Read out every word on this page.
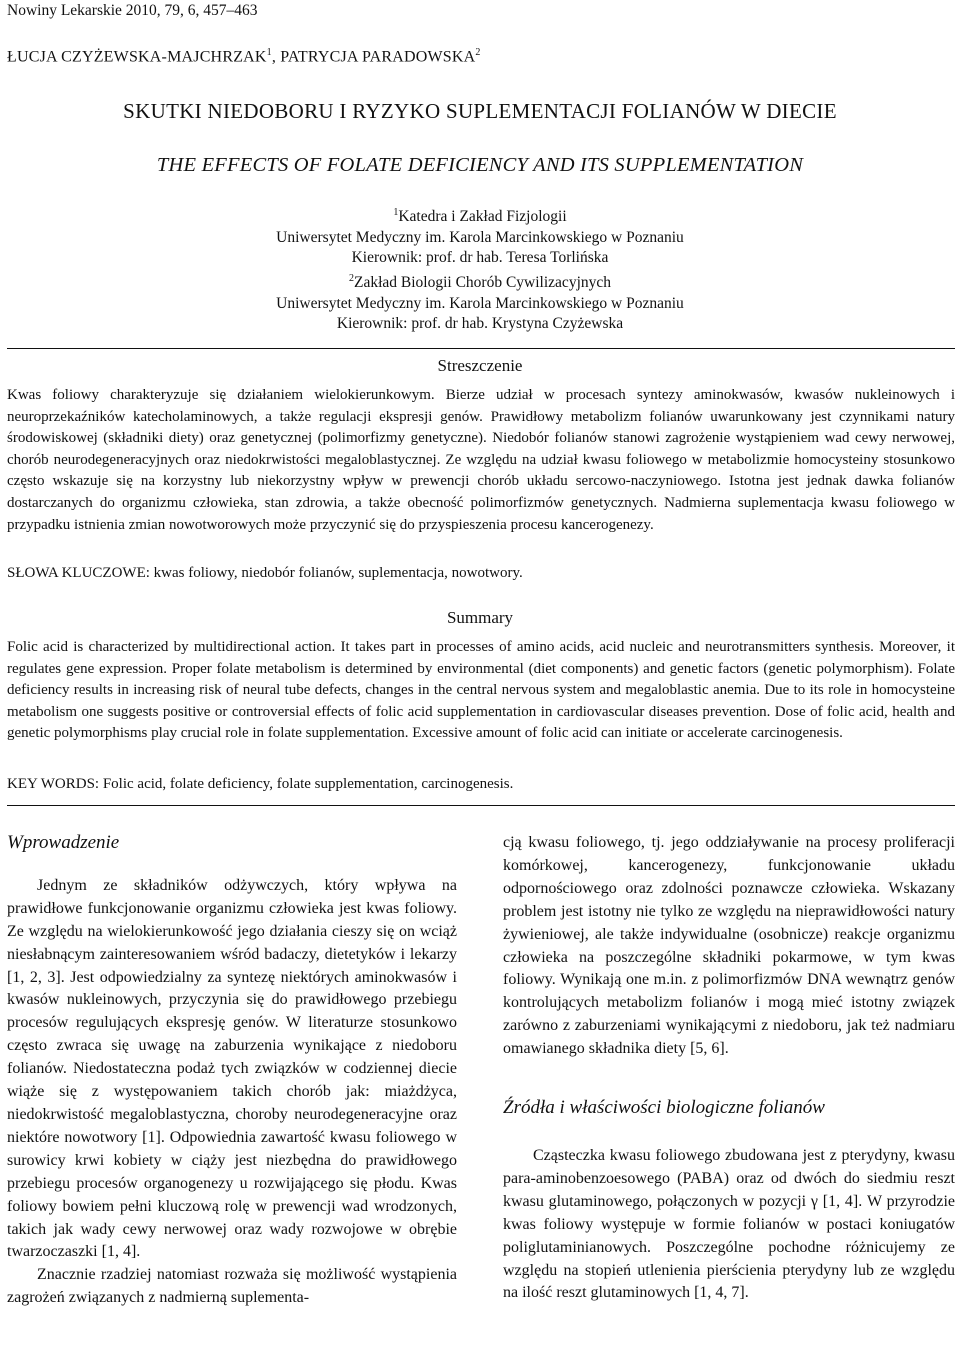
Nowiny Lekarskie 2010, 79, 6, 457–463
ŁUCJA CZYŻEWSKA-MAJCHRZAK$^1$, PATRYCJA PARADOWSKA$^2$
SKUTKI NIEDOBORU I RYZYKO SUPLEMENTACJI FOLIANÓW W DIECIE
THE EFFECTS OF FOLATE DEFICIENCY AND ITS SUPPLEMENTATION
$^1$Katedra i Zakład Fizjologii
Uniwersytet Medyczny im. Karola Marcinkowskiego w Poznaniu
Kierownik: prof. dr hab. Teresa Torlińska
$^2$Zakład Biologii Chorób Cywilizacyjnych
Uniwersytet Medyczny im. Karola Marcinkowskiego w Poznaniu
Kierownik: prof. dr hab. Krystyna Czyżewska
Streszczenie

Kwas foliowy charakteryzuje się działaniem wielokierunkowym. Bierze udział w procesach syntezy aminokwasów, kwasów nukleinowych i neuroprzekaźników katecholaminowych, a także regulacji ekspresji genów. Prawidłowy metabolizm folianów uwarunkowany jest czynnikami natury środowiskowej (składniki diety) oraz genetycznej (polimorfizmy genetyczne). Niedobór folianów stanowi zagrożenie wystąpieniem wad cewy nerwowej, chorób neurodegeneracyjnych oraz niedokrwistości megaloblastycznej. Ze względu na udział kwasu foliowego w metabolizmie homocysteiny stosunkowo często wskazuje się na korzystny lub niekorzystny wpływ w prewencji chorób układu sercowo-naczyniowego. Istotna jest jednak dawka folianów dostarczanych do organizmu człowieka, stan zdrowia, a także obecność polimorfizmów genetycznych. Nadmierna suplementacja kwasu foliowego w przypadku istnienia zmian nowotworowych może przyczynić się do przyspieszenia procesu kancerogenezy.

SŁOWA KLUCZOWE: kwas foliowy, niedobór folianów, suplementacja, nowotwory.
Summary

Folic acid is characterized by multidirectional action. It takes part in processes of amino acids, acid nucleic and neurotransmitters synthesis. Moreover, it regulates gene expression. Proper folate metabolism is determined by environmental (diet components) and genetic factors (genetic polymorphism). Folate deficiency results in increasing risk of neural tube defects, changes in the central nervous system and megaloblastic anemia. Due to its role in homocysteine metabolism one suggests positive or controversial effects of folic acid supplementation in cardiovascular diseases prevention. Dose of folic acid, health and genetic polymorphisms play crucial role in folate supplementation. Excessive amount of folic acid can initiate or accelerate carcinogenesis.

KEY WORDS: Folic acid, folate deficiency, folate supplementation, carcinogenesis.
Wprowadzenie

Jednym ze składników odżywczych, który wpływa na prawidłowe funkcjonowanie organizmu człowieka jest kwas foliowy. Ze względu na wielokierunkowość jego działania cieszy się on wciąż niesłabnącym zainteresowaniem wśród badaczy, dietetyków i lekarzy [1, 2, 3]. Jest odpowiedzialny za syntezę niektórych aminokwasów i kwasów nukleinowych, przyczynia się do prawidłowego przebiegu procesów regulujących ekspresję genów. W literaturze stosunkowo często zwraca się uwagę na zaburzenia wynikające z niedoboru folianów. Niedostateczna podaż tych związków w codziennej diecie wiąże się z występowaniem takich chorób jak: miażdżyca, niedokrwistość megaloblastyczna, choroby neurodegeneracyjne oraz niektóre nowotwory [1]. Odpowiednia zawartość kwasu foliowego w surowicy krwi kobiety w ciąży jest niezbędna do prawidłowego przebiegu procesów organogenezy u rozwijającego się płodu. Kwas foliowy bowiem pełni kluczową rolę w prewencji wad wrodzonych, takich jak wady cewy nerwowej oraz wady rozwojowe w obrębie twarzoczaszki [1, 4].

Znacznie rzadziej natomiast rozważa się możliwość wystąpienia zagrożeń związanych z nadmierną suplementa-

cją kwasu foliowego, tj. jego oddziaływanie na procesy proliferacji komórkowej, kancerogenezy, funkcjonowanie układu odpornościowego oraz zdolności poznawcze człowieka. Wskazany problem jest istotny nie tylko ze względu na nieprawidłowości natury żywieniowej, ale także indywidualne (osobnicze) reakcje organizmu człowieka na poszczególne składniki pokarmowe, w tym kwas foliowy. Wynikają one m.in. z polimorfizmów DNA wewnątrz genów kontrolujących metabolizm folianów i mogą mieć istotny związek zarówno z zaburzeniami wynikającymi z niedoboru, jak też nadmiaru omawianego składnika diety [5, 6].

Źródła i właściwości biologiczne folianów

Cząsteczka kwasu foliowego zbudowana jest z pterydyny, kwasu para-aminobenzoesowego (PABA) oraz od dwóch do siedmiu reszt kwasu glutaminowego, połączonych w pozycji γ [1, 4]. W przyrodzie kwas foliowy występuje w formie folianów w postaci koniugatów poliglutaminianowych. Poszczególne pochodne różnicujemy ze względu na stopień utlenienia pierścienia pterydyny lub ze względu na ilość reszt glutaminowych [1, 4, 7].
